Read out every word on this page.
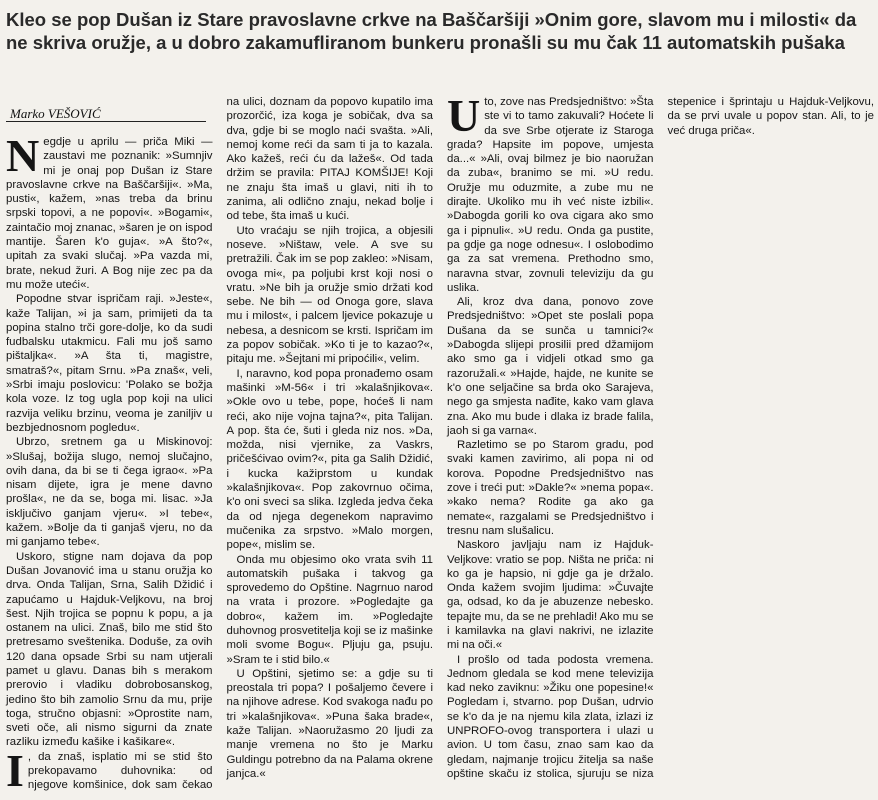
Kleo se pop Dušan iz Stare pravoslavne crkve na Baščaršiji »Onim gore, slavom mu i milosti« da ne skriva oružje, a u dobro zakamufliranom bunkeru pronašli su mu čak 11 automatskih pušaka
Marko VEŠOVIĆ

Negdje u aprilu — priča Miki — zaustavi me poznanik: »Sumnjiv mi je onaj pop Dušan iz Stare pravoslavne crkve na Baščaršiji«. »Ma, pusti«, kažem, »nas treba da brinu srpski topovi, a ne popovi«. »Bogami«, zaintačio moj znanac, »šaren je on ispod mantije. Šaren k'o guja«. »A što?«, upitah za svaki slučaj. »Pa vazda mi, brate, nekud žuri. A Bog nije zec pa da mu može uteći«.

Popodne stvar ispričam raji. »Jeste«, kaže Talijan, »i ja sam, primijeti da ta popina stalno trči gore-dolje, ko da sudi fudbalsku utakmicu. Fali mu još samo pištaljka«. »A šta ti, magistre, smatraš?«, pitam Srnu. »Pa znaš«, veli, »Srbi imaju poslovicu: 'Polako se božja kola voze. Iz tog ugla pop koji na ulici razvija veliku brzinu, veoma je zaniljiv u bezbjednosnom pogledu«.

Ubrzo, sretnem ga u Miskinovoj: »Slušaj, božija slugo, nemoj slučajno, ovih dana, da bi se ti čega igrao«. »Pa nisam dijete, igra je mene davno prošla«, ne da se, boga mi. lisac. »Ja isključivo ganjam vjeru«. »I tebe«, kažem. »Bolje da ti ganjaš vjeru, no da mi ganjamo tebe«.

Uskoro, stigne nam dojava da pop Dušan Jovanović ima u stanu oružja ko drva. Onda Talijan, Srna, Salih Džidić i zapućamo u Hajduk-Veljkovu, na broj šest. Njih trojica se popnu k popu, a ja ostanem na ulici. Znaš, bilo me stid što pretresamo sveštenika. Doduše, za ovih 120 dana opsade Srbi su nam utjerali pamet u glavu. Danas bih s merakom prerovio i vladiku dobrobosanskog, jedino što bih zamolio Srnu da mu, prije toga, stručno objasni: »Oprostite nam, sveti oče, ali nismo sigurni da znate razliku između kašike i kašikare«.

I , da znaš, isplatio mi se stid što prekopavamo duhovnika: od njegove komšinice, dok sam čekao na ulici, doznam da popovo kupatilo ima prozorčić, iza koga je sobičak, dva sa dva, gdje bi se moglo naći svašta. »Ali, nemoj kome reći da sam ti ja to kazala. Ako kažeš, reći ću da lažeš«. Od tada držim se pravila: PITAJ KOMŠIJE! Koji ne znaju šta imaš u glavi, niti ih to zanima, ali odlično znaju, nekad bolje i od tebe, šta imaš u kući.

Uto vraćaju se njih trojica, a objesili noseve. »Ništaw, vele. A sve su pretražili. Čak im se pop zakleo: »Nisam, ovoga mi«, pa poljubi krst koji nosi o vratu. »Ne bih ja oružje smio držati kod sebe. Ne bih — od Onoga gore, slava mu i milost«, i palcem ljevice pokazuje u nebesa, a desnicom se krsti. Ispričam im za popov sobičak. »Ko ti je to kazao?«, pitaju me. »Šejtani mi pripoćili«, velim.

I, naravno, kod popa pronađemo osam mašinki »M-56« i tri »kalašnjikova«. »Okle ovo u tebe, pope, hoćeš li nam reći, ako nije vojna tajna?«, pita Talijan. A pop. šta će, šuti i gleda niz nos. »Da, možda, nisi vjernike, za Vaskrs, pričešćivao ovim?«, pita ga Salih Džidić, i kucka kažiprstom u kundak »kalašnjikova«. Pop zakovrnuo očima, k'o oni sveci sa slika. Izgleda jedva čeka da od njega degenekom napravimo mučenika za srpstvo. »Malo morgen, pope«, mislim se.

Onda mu objesimo oko vrata svih 11 automatskih pušaka i takvog ga sprovedemo do Opštine. Nagrnuo narod na vrata i prozore. »Pogledajte ga dobro«, kažem im. »Pogledajte duhovnog prosvetitelja koji se iz mašinke moli svome Bogu«. Pljuju ga, psuju. »Sram te i stid bilo.«

U Opštini, sjetimo se: a gdje su ti preostala tri popa? I pošaljemo čevere i na njihove adrese. Kod svakoga nađu po tri »kalašnjikova«. »Puna šaka brade«, kaže Talijan. »Naoružasmo 20 ljudi za manje vremena no što je Marku Guldingu potrebno da na Palama okrene janjca.«

Uto, zove nas Predsjedništvo: »Šta ste vi to tamo zakuvali? Hoćete li da sve Srbe otjerate iz Staroga grada? Hapsite im popove, umjesta da...« »Ali, ovaj bilmez je bio naoružan da zuba«, branimo se mi. »U redu. Oružje mu oduzmite, a zube mu ne dirajte. Ukoliko mu ih već niste izbili«. »Dabogda gorili ko ova cigara ako smo ga i pipnuli«. »U redu. Onda ga pustite, pa gdje ga noge odnesu«. I oslobodimo ga za sat vremena. Prethodno smo, naravna stvar, zovnuli televiziju da gu uslika.

Ali, kroz dva dana, ponovo zove Predsjedništvo: »Opet ste poslali popa Dušana da se sunča u tamnici?« »Dabogda slijepi prosilii pred džamijom ako smo ga i vidjeli otkad smo ga razoružali.« »Hajde, hajde, ne kunite se k'o one seljačine sa brda oko Sarajeva, nego ga smjesta nađite, kako vam glava zna. Ako mu bude i dlaka iz brade falila, jaoh si ga varna«.

Razletimo se po Starom gradu, pod svaki kamen zavirimo, ali popa ni od korova. Popodne Predsjedništvo nas zove i treći put: »Dakle?« »nema popa«. »kako nema? Rodite ga ako ga nemate«, razgalami se Predsjedništvo i tresnu nam slušalicu.

Naskoro javljaju nam iz Hajduk-Veljkove: vratio se pop. Ništa ne priča: ni ko ga je hapsio, ni gdje ga je držalo. Onda kažem svojim ljudima: »Čuvajte ga, odsad, ko da je abuzenze nebesko. tepajte mu, da se ne prehladi! Ako mu se i kamilavka na glavi nakrivi, ne izlazite mi na oči.«

I prošlo od tada podosta vremena. Jednom gledala se kod mene televizija kad neko zaviknu: »Žiku one popesine!« Pogledam i, stvarno. pop Dušan, udrvio se k'o da je na njemu kila zlata, izlazi iz UNPROFO-ovog transportera i ulazi u avion. U tom času, znao sam kao da gledam, najmanje trojicu žitelja sa naše opštine skaču iz stolica, sjuruju se niza stepenice i šprintaju u Hajduk-Veljkovu, da se prvi uvale u popov stan. Ali, to je već druga priča«.
